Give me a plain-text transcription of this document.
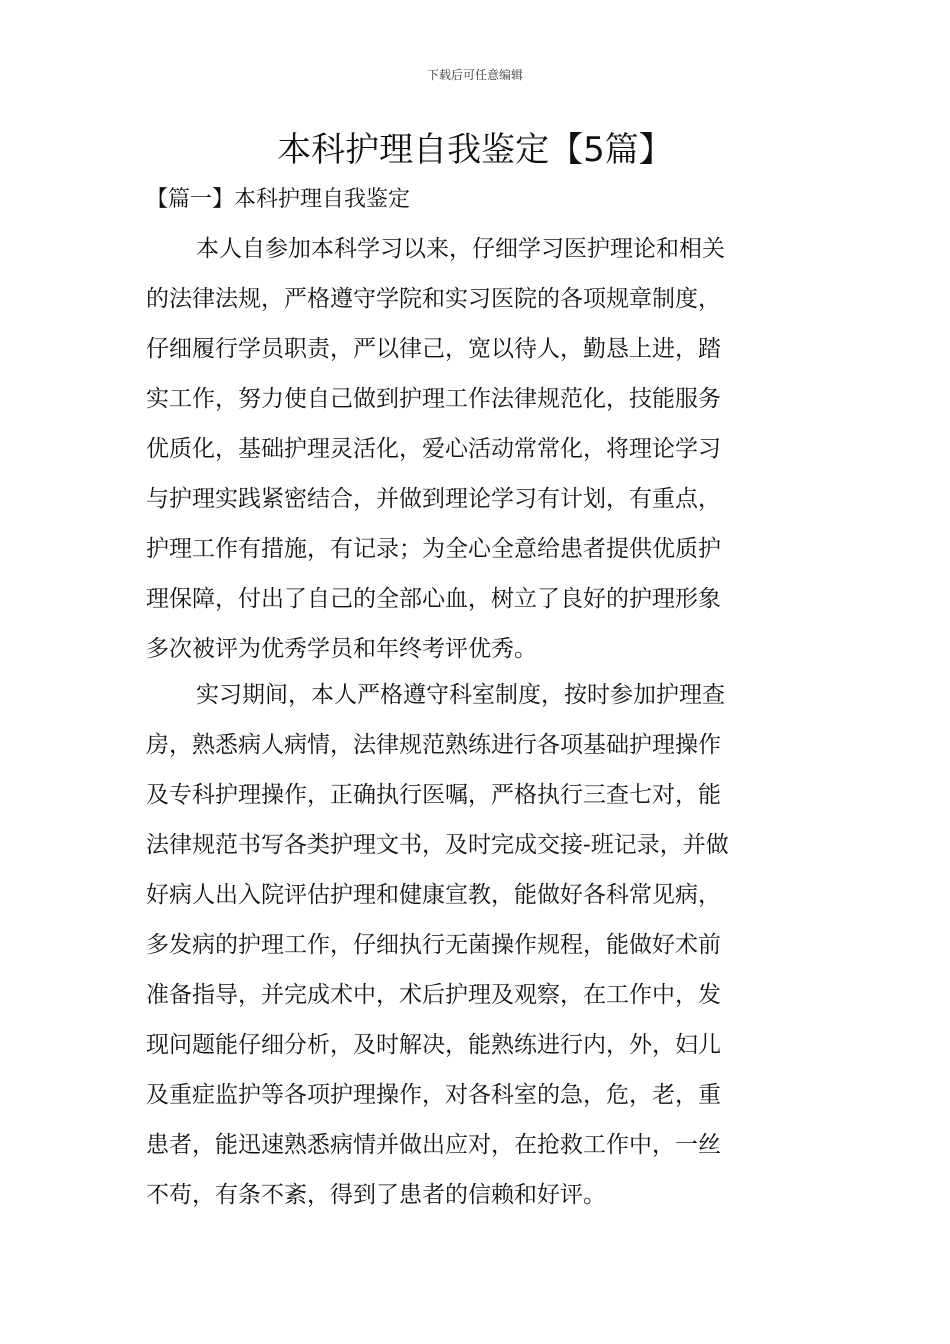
下载后可任意编辑
本科护理自我鉴定【5篇】
【篇一】本科护理自我鉴定
本人自参加本科学习以来，仔细学习医护理论和相关
的法律法规，严格遵守学院和实习医院的各项规章制度，
仔细履行学员职责，严以律己，宽以待人，勤恳上进，踏
实工作，努力使自己做到护理工作法律规范化，技能服务
优质化，基础护理灵活化，爱心活动常常化，将理论学习
与护理实践紧密结合，并做到理论学习有计划，有重点，
护理工作有措施，有记录；为全心全意给患者提供优质护
理保障，付出了自己的全部心血，树立了良好的护理形象
多次被评为优秀学员和年终考评优秀。
实习期间，本人严格遵守科室制度，按时参加护理查
房，熟悉病人病情，法律规范熟练进行各项基础护理操作
及专科护理操作，正确执行医嘱，严格执行三查七对，能
法律规范书写各类护理文书，及时完成交接-班记录，并做
好病人出入院评估护理和健康宣教，能做好各科常见病，
多发病的护理工作，仔细执行无菌操作规程，能做好术前
准备指导，并完成术中，术后护理及观察，在工作中，发
现问题能仔细分析，及时解决，能熟练进行内，外，妇儿
及重症监护等各项护理操作，对各科室的急，危，老，重
患者，能迅速熟悉病情并做出应对，在抢救工作中，一丝
不苟，有条不紊，得到了患者的信赖和好评。
